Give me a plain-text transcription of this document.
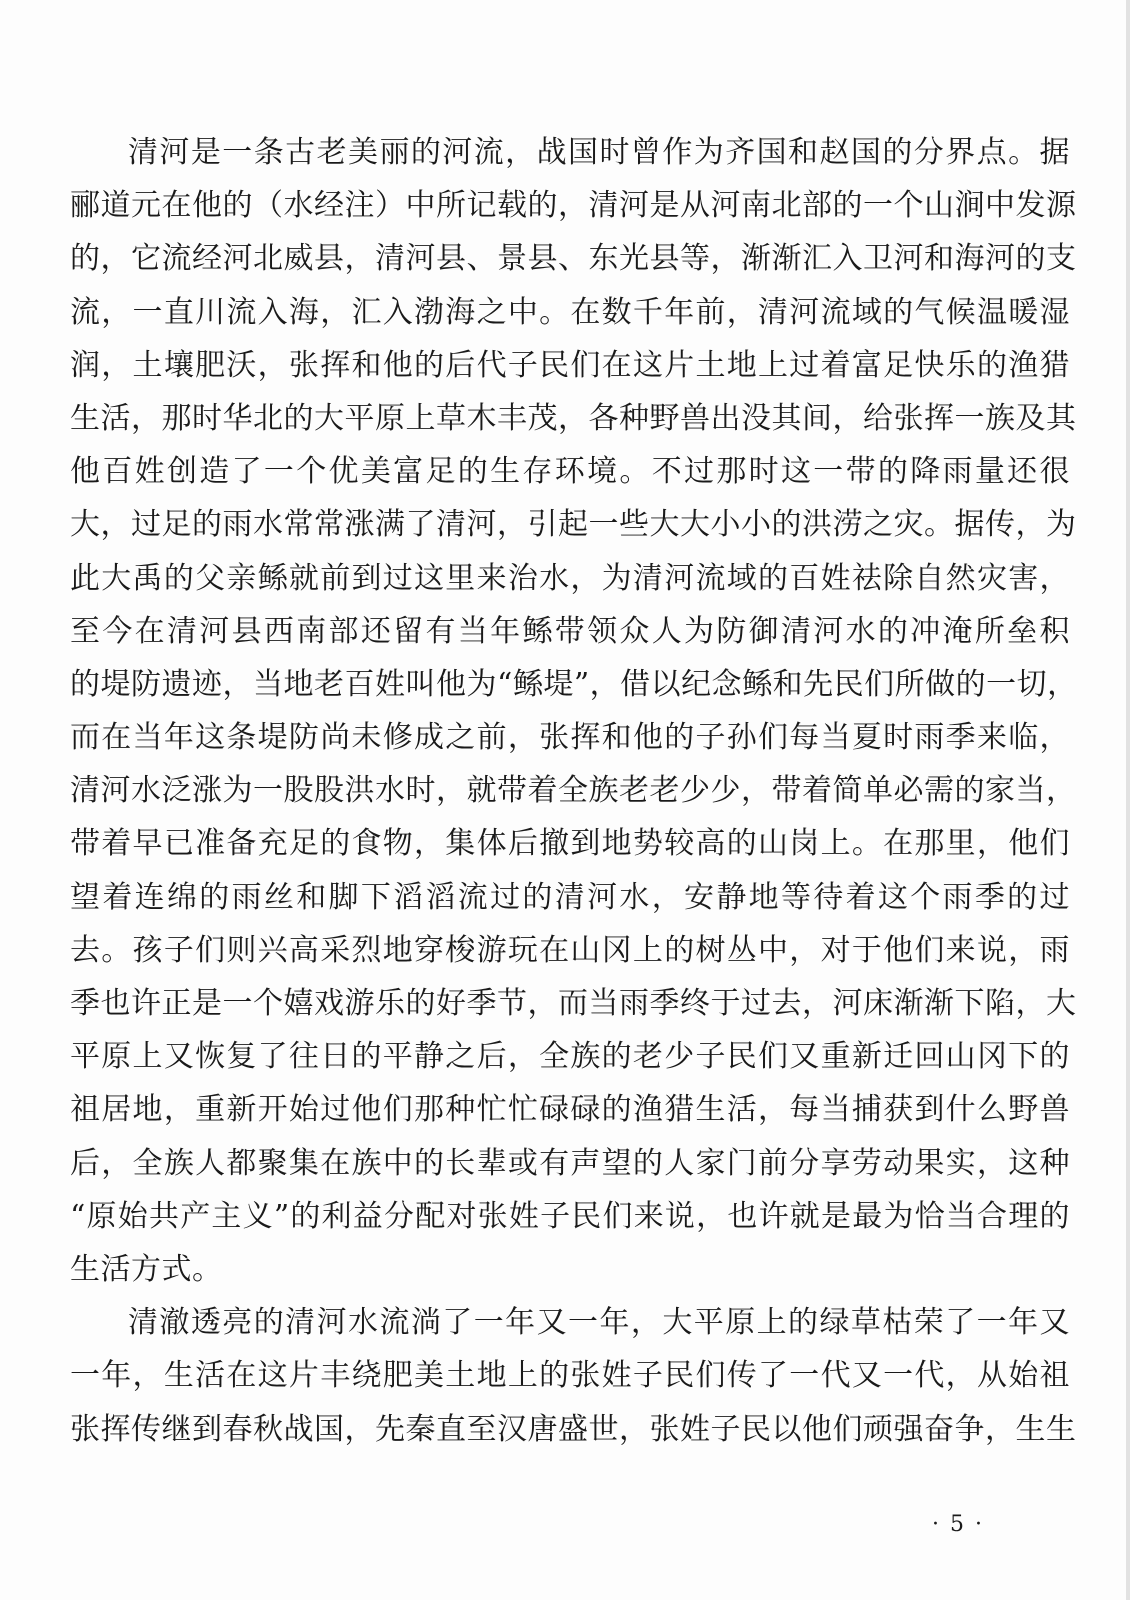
清河是一条古老美丽的河流，战国时曾作为齐国和赵国的分界点。据
郦道元在他的（水经注）中所记载的，清河是从河南北部的一个山涧中发源
的，它流经河北威县，清河县、景县、东光县等，渐渐汇入卫河和海河的支
流，一直川流入海，汇入渤海之中。在数千年前，清河流域的气候温暖湿
润，土壤肥沃，张挥和他的后代子民们在这片土地上过着富足快乐的渔猎
生活，那时华北的大平原上草木丰茂，各种野兽出没其间，给张挥一族及其
他百姓创造了一个优美富足的生存环境。不过那时这一带的降雨量还很
大，过足的雨水常常涨满了清河，引起一些大大小小的洪涝之灾。据传，为
此大禹的父亲鲧就前到过这里来治水，为清河流域的百姓祛除自然灾害，
至今在清河县西南部还留有当年鲧带领众人为防御清河水的冲淹所垒积
的堤防遗迹，当地老百姓叫他为“鲧堤”，借以纪念鲧和先民们所做的一切，
而在当年这条堤防尚未修成之前，张挥和他的子孙们每当夏时雨季来临，
清河水泛涨为一股股洪水时，就带着全族老老少少，带着简单必需的家当，
带着早已准备充足的食物，集体后撤到地势较高的山岗上。在那里，他们
望着连绵的雨丝和脚下滔滔流过的清河水，安静地等待着这个雨季的过
去。孩子们则兴高采烈地穿梭游玩在山冈上的树丛中，对于他们来说，雨
季也许正是一个嬉戏游乐的好季节，而当雨季终于过去，河床渐渐下陷，大
平原上又恢复了往日的平静之后，全族的老少子民们又重新迁回山冈下的
祖居地，重新开始过他们那种忙忙碌碌的渔猎生活，每当捕获到什么野兽
后，全族人都聚集在族中的长辈或有声望的人家门前分享劳动果实，这种
“原始共产主义”的利益分配对张姓子民们来说，也许就是最为恰当合理的
生活方式。
清澈透亮的清河水流淌了一年又一年，大平原上的绿草枯荣了一年又
一年，生活在这片丰绕肥美土地上的张姓子民们传了一代又一代，从始祖
张挥传继到春秋战国，先秦直至汉唐盛世，张姓子民以他们顽强奋争，生生
· 5 ·
